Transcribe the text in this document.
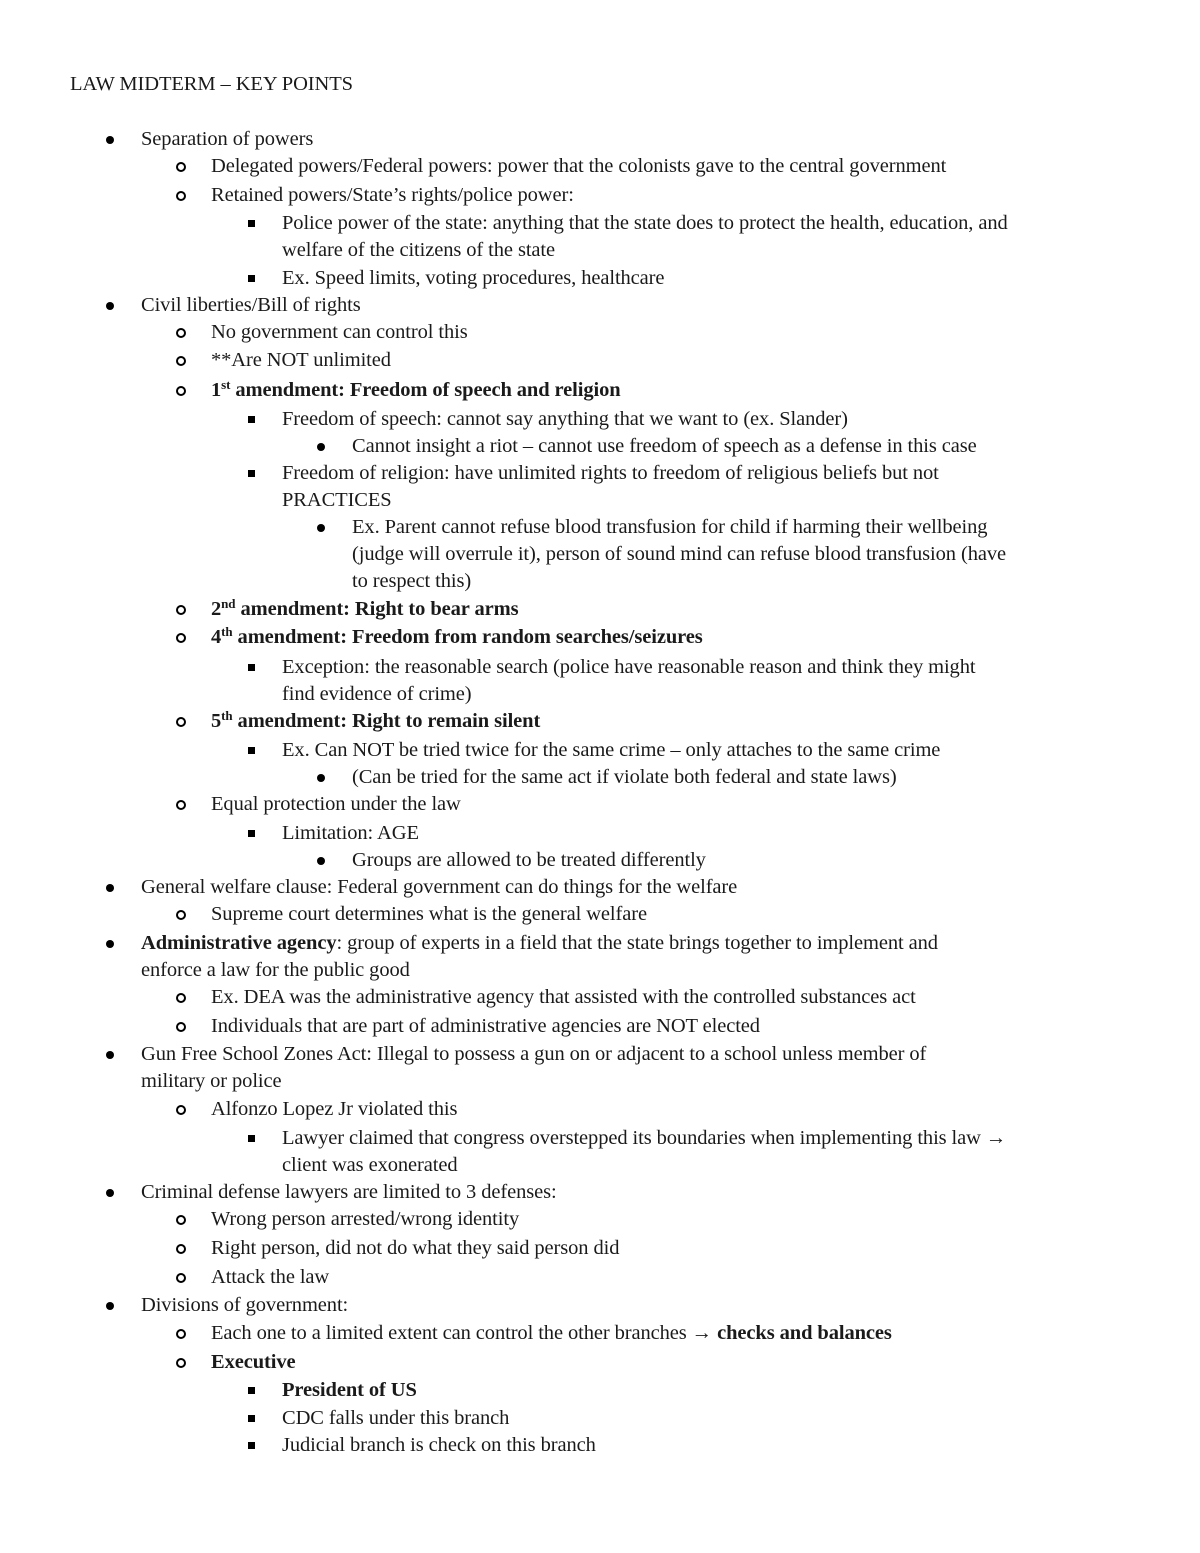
LAW MIDTERM – KEY POINTS
Separation of powers
Delegated powers/Federal powers: power that the colonists gave to the central government
Retained powers/State’s rights/police power:
Police power of the state: anything that the state does to protect the health, education, and
welfare of the citizens of the state
Ex. Speed limits, voting procedures, healthcare
Civil liberties/Bill of rights
No government can control this
**Are NOT unlimited
1st amendment: Freedom of speech and religion
Freedom of speech: cannot say anything that we want to (ex. Slander)
Cannot insight a riot – cannot use freedom of speech as a defense in this case
Freedom of religion: have unlimited rights to freedom of religious beliefs but not
PRACTICES
Ex. Parent cannot refuse blood transfusion for child if harming their wellbeing
(judge will overrule it), person of sound mind can refuse blood transfusion (have
to respect this)
2nd amendment: Right to bear arms
4th amendment: Freedom from random searches/seizures
Exception: the reasonable search (police have reasonable reason and think they might
find evidence of crime)
5th amendment: Right to remain silent
Ex. Can NOT be tried twice for the same crime – only attaches to the same crime
(Can be tried for the same act if violate both federal and state laws)
Equal protection under the law
Limitation: AGE
Groups are allowed to be treated differently
General welfare clause: Federal government can do things for the welfare
Supreme court determines what is the general welfare
Administrative agency: group of experts in a field that the state brings together to implement and
enforce a law for the public good
Ex. DEA was the administrative agency that assisted with the controlled substances act
Individuals that are part of administrative agencies are NOT elected
Gun Free School Zones Act: Illegal to possess a gun on or adjacent to a school unless member of
military or police
Alfonzo Lopez Jr violated this
Lawyer claimed that congress overstepped its boundaries when implementing this law →
client was exonerated
Criminal defense lawyers are limited to 3 defenses:
Wrong person arrested/wrong identity
Right person, did not do what they said person did
Attack the law
Divisions of government:
Each one to a limited extent can control the other branches → checks and balances
Executive
President of US
CDC falls under this branch
Judicial branch is check on this branch
